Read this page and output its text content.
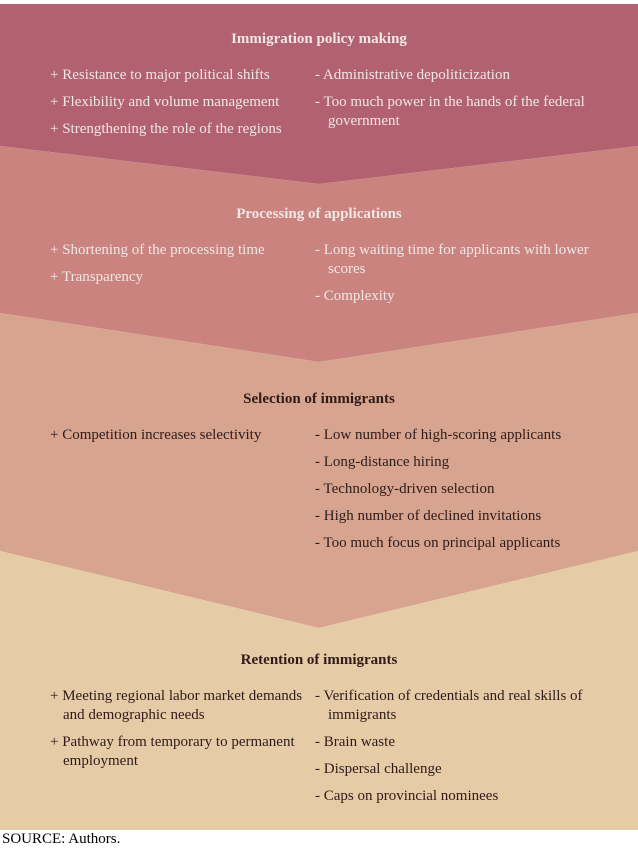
Immigration policy making
+ Resistance to major political shifts
+ Flexibility and volume management
+ Strengthening the role of the regions
- Administrative depoliticization
- Too much power in the hands of the federal government
Processing of applications
+ Shortening of the processing time
+ Transparency
- Long waiting time for applicants with lower scores
- Complexity
Selection of immigrants
+ Competition increases selectivity	- Low number of high-scoring applicants
- Long-distance hiring
- Technology-driven selection
- High number of declined invitations
- Too much focus on principal applicants
Retention of immigrants
+ Meeting regional labor market demands and demographic needs
+ Pathway from temporary to permanent employment
- Verification of credentials and real skills of immigrants
- Brain waste
- Dispersal challenge
- Caps on provincial nominees
SOURCE: Authors.
